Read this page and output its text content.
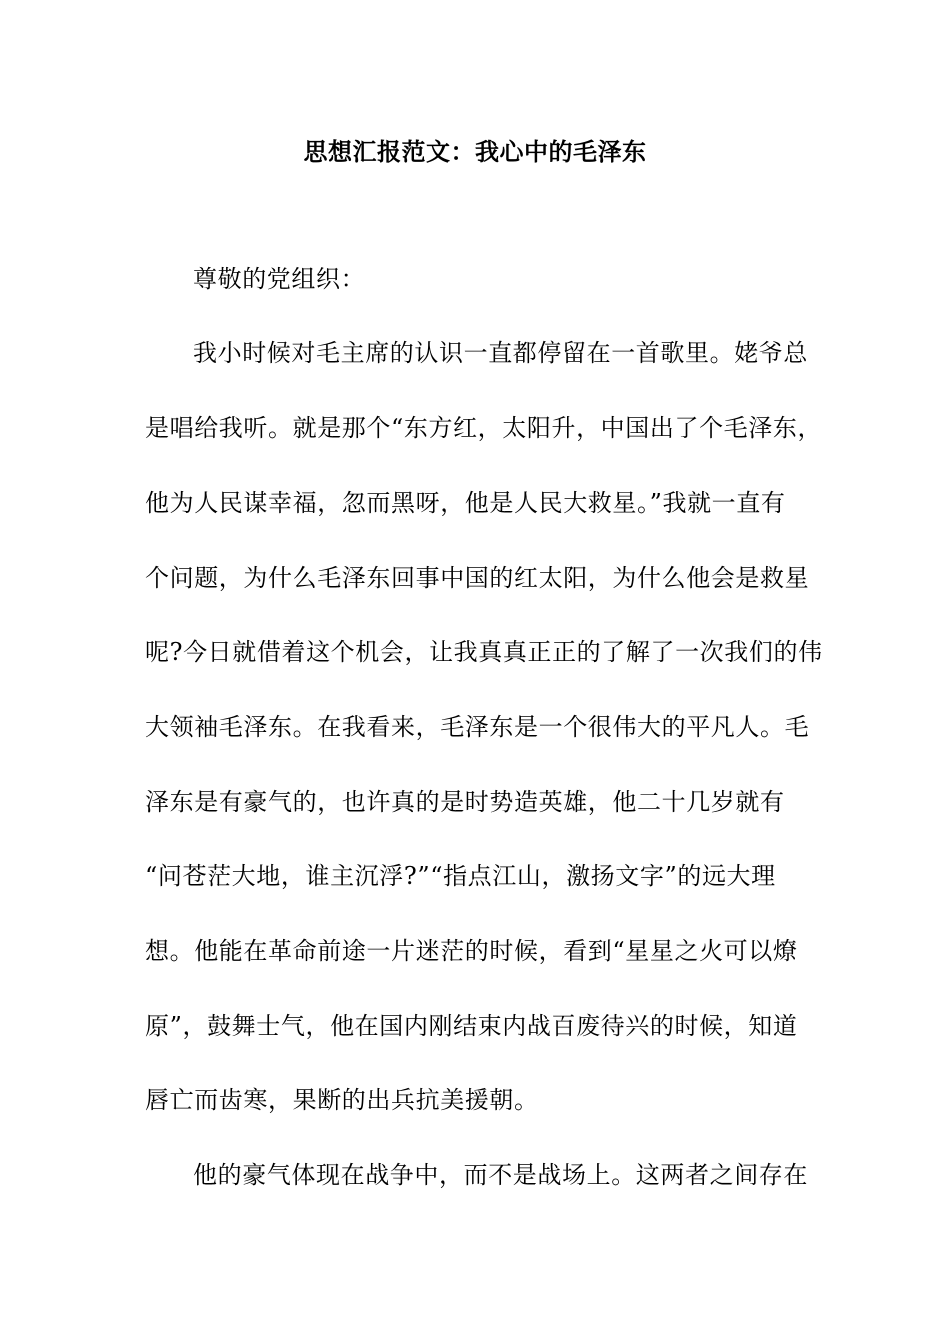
思想汇报范文：我心中的毛泽东
尊敬的党组织：
我小时候对毛主席的认识一直都停留在一首歌里。姥爷总
是唱给我听。就是那个“东方红，太阳升，中国出了个毛泽东，
他为人民谋幸福，忽而黑呀，他是人民大救星。”我就一直有
个问题，为什么毛泽东回事中国的红太阳，为什么他会是救星
呢?今日就借着这个机会，让我真真正正的了解了一次我们的伟
大领袖毛泽东。在我看来，毛泽东是一个很伟大的平凡人。毛
泽东是有豪气的，也许真的是时势造英雄，他二十几岁就有
“问苍茫大地，谁主沉浮?”“指点江山，激扬文字”的远大理
想。他能在革命前途一片迷茫的时候，看到“星星之火可以燎
原”，鼓舞士气，他在国内刚结束内战百废待兴的时候，知道
唇亡而齿寒，果断的出兵抗美援朝。
他的豪气体现在战争中，而不是战场上。这两者之间存在
